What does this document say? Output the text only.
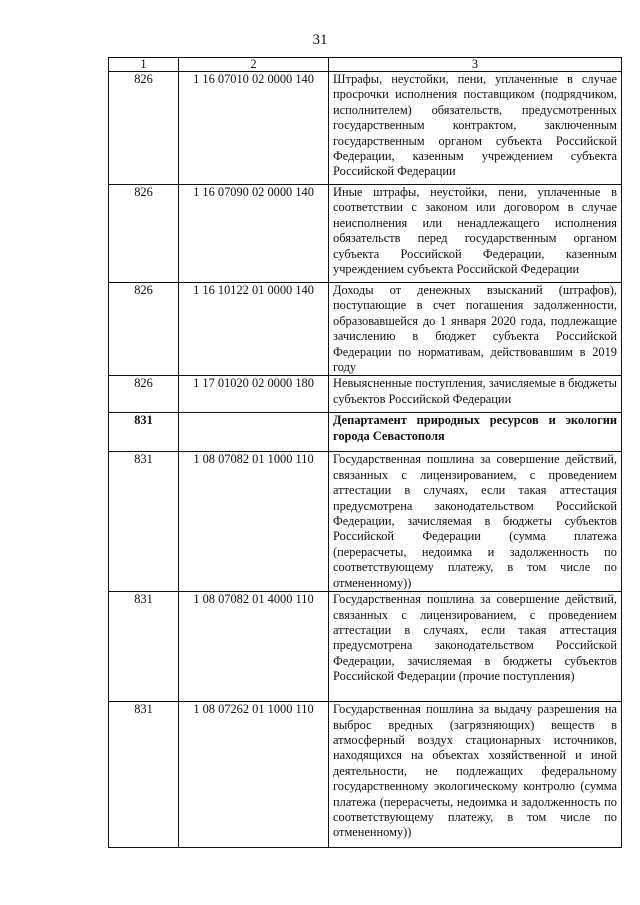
31
1	2	3
826	1 16 07010 02 0000 140	Штрафы, неустойки, пени, уплаченные в случае просрочки исполнения поставщиком (подрядчиком, исполнителем) обязательств, предусмотренных государственным контрактом, заключенным государственным органом субъекта Российской Федерации, казенным учреждением субъекта Российской Федерации
826	1 16 07090 02 0000 140	Иные штрафы, неустойки, пени, уплаченные в соответствии с законом или договором в случае неисполнения или ненадлежащего исполнения обязательств перед государственным органом субъекта Российской Федерации, казенным учреждением субъекта Российской Федерации
826	1 16 10122 01 0000 140	Доходы от денежных взысканий (штрафов), поступающие в счет погашения задолженности, образовавшейся до 1 января 2020 года, подлежащие зачислению в бюджет субъекта Российской Федерации по нормативам, действовавшим в 2019 году
826	1 17 01020 02 0000 180	Невыясненные поступления, зачисляемые в бюджеты субъектов Российской Федерации
831		Департамент природных ресурсов и экологии города Севастополя
831	1 08 07082 01 1000 110	Государственная пошлина за совершение действий, связанных с лицензированием, с проведением аттестации в случаях, если такая аттестация предусмотрена законодательством Российской Федерации, зачисляемая в бюджеты субъектов Российской Федерации (сумма платежа (перерасчеты, недоимка и задолженность по соответствующему платежу, в том числе по отмененному))
831	1 08 07082 01 4000 110	Государственная пошлина за совершение действий, связанных с лицензированием, с проведением аттестации в случаях, если такая аттестация предусмотрена законодательством Российской Федерации, зачисляемая в бюджеты субъектов Российской Федерации (прочие поступления)
831	1 08 07262 01 1000 110	Государственная пошлина за выдачу разрешения на выброс вредных (загрязняющих) веществ в атмосферный воздух стационарных источников, находящихся на объектах хозяйственной и иной деятельности, не подлежащих федеральному государственному экологическому контролю (сумма платежа (перерасчеты, недоимка и задолженность по соответствующему платежу, в том числе по отмененному))
